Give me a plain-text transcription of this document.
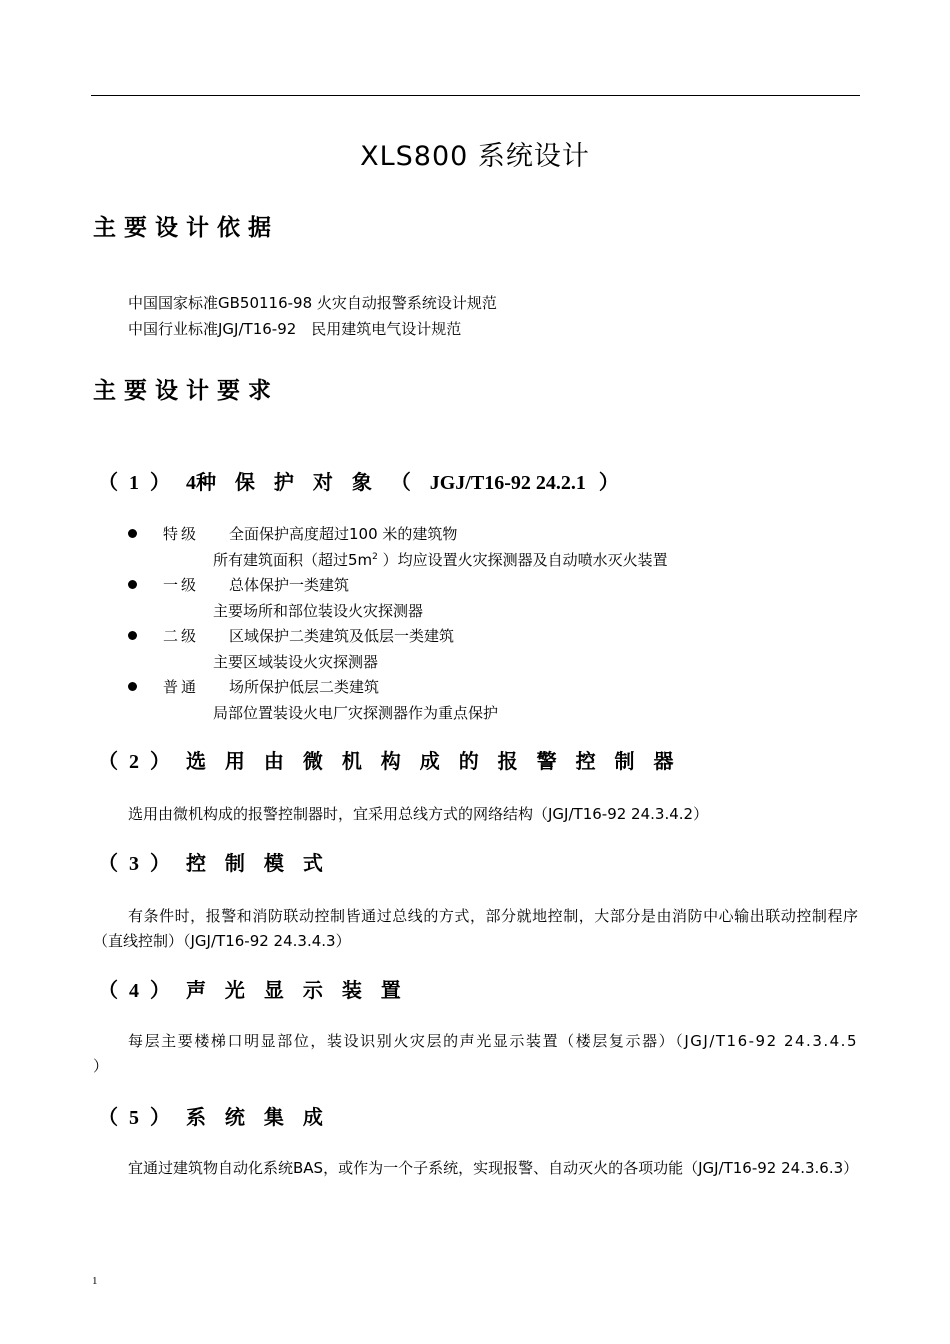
XLS800 系统设计
主要设计依据
中国国家标准GB50116-98 火灾自动报警系统设计规范
中国行业标准JGJ/T16-92　民用建筑电气设计规范
主要设计要求
（ 1 ） 4种 保 护 对 象 （ JGJ/T16-92 24.2.1 ）
特级 全面保护高度超过100 米的建筑物
所有建筑面积（超过$5m^2$ ）均应设置火灾探测器及自动喷水灭火装置
一级 总体保护一类建筑
主要场所和部位装设火灾探测器
二级 区域保护二类建筑及低层一类建筑
主要区域装设火灾探测器
普通 场所保护低层二类建筑
局部位置装设火电厂灾探测器作为重点保护
（ 2 ） 选 用 由 微 机 构 成 的 报 警 控 制 器
选用由微机构成的报警控制器时，宜采用总线方式的网络结构（JGJ/T16-92 24.3.4.2）
（ 3 ） 控 制 模 式
有条件时，报警和消防联动控制皆通过总线的方式，部分就地控制，大部分是由消防中心输出联动控制程序（直线控制）（JGJ/T16-92 24.3.4.3）
（ 4 ） 声 光 显 示 装 置
每层主要楼梯口明显部位，装设识别火灾层的声光显示装置（楼层复示器）（JGJ/T16-92 24.3.4.5 ）
（ 5 ） 系 统 集 成
宜通过建筑物自动化系统BAS，或作为一个子系统，实现报警、自动灭火的各项功能（JGJ/T16-92 24.3.6.3）
1
